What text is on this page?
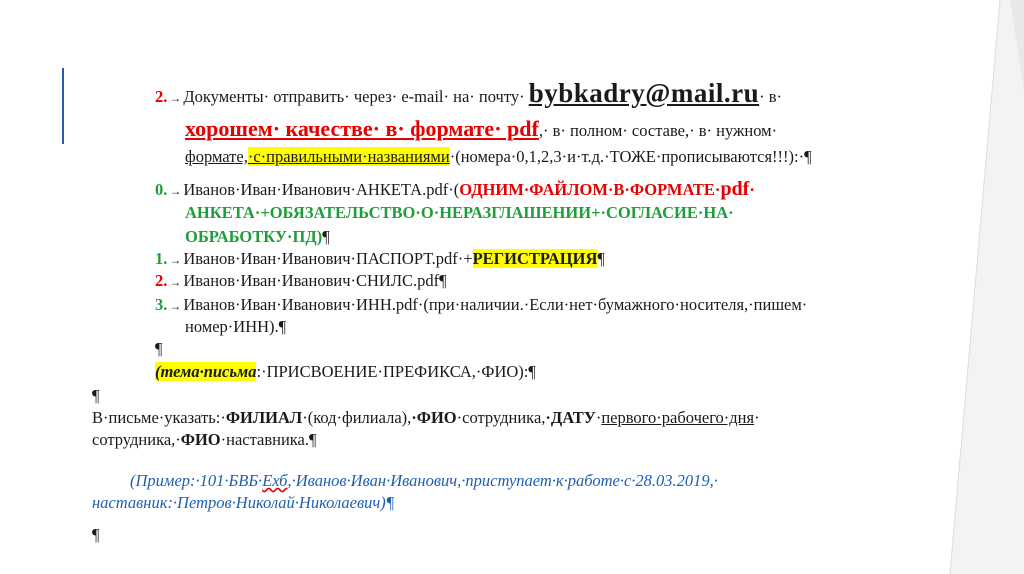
2. → Документы· отправить· через· e-mail· на· почту· bybkadry@mail.ru· в·
хорошем· качестве· в· формате· pdf,· в· полном· составе,· в· нужном·
формате,·с·правильными·названиями·(номера·0,1,2,3·и·т.д.·ТОЖЕ·прописываются!!!):·¶
0. → Иванов·Иван·Иванович·АНКЕТА.pdf·(ОДНИМ·ФАЙЛОМ·В·ФОРМАТЕ·pdf·
АНКЕТА·+ОБЯЗАТЕЛЬСТВО·О·НЕРАЗГЛАШЕНИИ+·СОГЛАСИЕ·НА·
ОБРАБОТКУ·ПД)¶
1. → Иванов·Иван·Иванович·ПАСПОРТ.pdf·+РЕГИСТРАЦИЯ¶
2. → Иванов·Иван·Иванович·СНИЛС.pdf¶
3. → Иванов·Иван·Иванович·ИНН.pdf·(при·наличии.·Если·нет·бумажного·носителя,·пишем·
номер·ИНН).¶
¶
(тема·письма:·ПРИСВОЕНИЕ·ПРЕФИКСА,·ФИО):¶
¶
В·письме·указать:·ФИЛИАЛ·(код·филиала),·ФИО·сотрудника,·ДАТУ·первого·рабочего·дня·
сотрудника,·ФИО·наставника.¶
(Пример:·101·БВБ·Ехб,·Иванов·Иван·Иванович,·приступает·к·работе·с·28.03.2019,·
наставник:·Петров·Николай·Николаевич)¶
¶
